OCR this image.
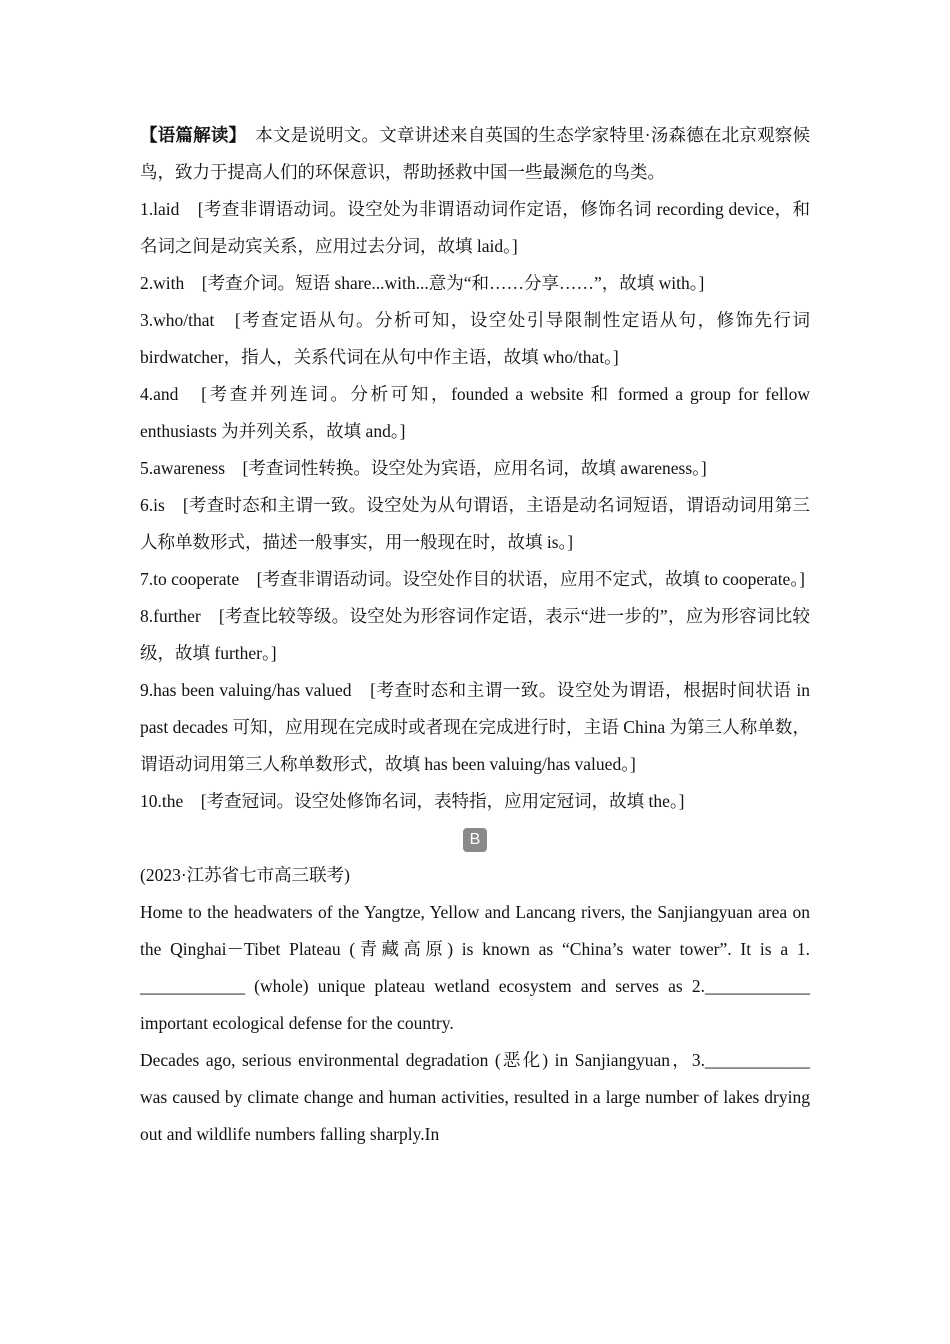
【语篇解读】　本文是说明文。文章讲述来自英国的生态学家特里·汤森德在北京观察候鸟，致力于提高人们的环保意识，帮助拯救中国一些最濒危的鸟类。

1.laid　[考查非谓语动词。设空处为非谓语动词作定语，修饰名词 recording device，和名词之间是动宾关系，应用过去分词，故填 laid。]

2.with　[考查介词。短语 share...with...意为“和……分享……”，故填 with。]

3.who/that　[考查定语从句。分析可知，设空处引导限制性定语从句，修饰先行词 birdwatcher，指人，关系代词在从句中作主语，故填 who/that。]

4.and　[考查并列连词。分析可知，founded a website 和 formed a group for fellow enthusiasts 为并列关系，故填 and。]

5.awareness　[考查词性转换。设空处为宾语，应用名词，故填 awareness。]

6.is　[考查时态和主谓一致。设空处为从句谓语，主语是动名词短语，谓语动词用第三人称单数形式，描述一般事实，用一般现在时，故填 is。]

7.to cooperate　[考查非谓语动词。设空处作目的状语，应用不定式，故填 to cooperate。]

8.further　[考查比较等级。设空处为形容词作定语，表示“进一步的”，应为形容词比较级，故填 further。]

9.has been valuing/has valued　[考查时态和主谓一致。设空处为谓语，根据时间状语 in past decades 可知，应用现在完成时或者现在完成进行时，主语 China 为第三人称单数，谓语动词用第三人称单数形式，故填 has been valuing/has valued。]

10.the　[考查冠词。设空处修饰名词，表特指，应用定冠词，故填 the。]

B

(2023·江苏省七市高三联考)

Home to the headwaters of the Yangtze, Yellow and Lancang rivers, the Sanjiangyuan area on the Qinghai－Tibet Plateau (青藏高原) is known as “China’s water tower”. It is a 1.____________ (whole) unique plateau wetland ecosystem and serves as 2.____________ important ecological defense for the country.

Decades ago, serious environmental degradation (恶化) in Sanjiangyuan，3.____________ was caused by climate change and human activities, resulted in a large number of lakes drying out and wildlife numbers falling sharply.In
